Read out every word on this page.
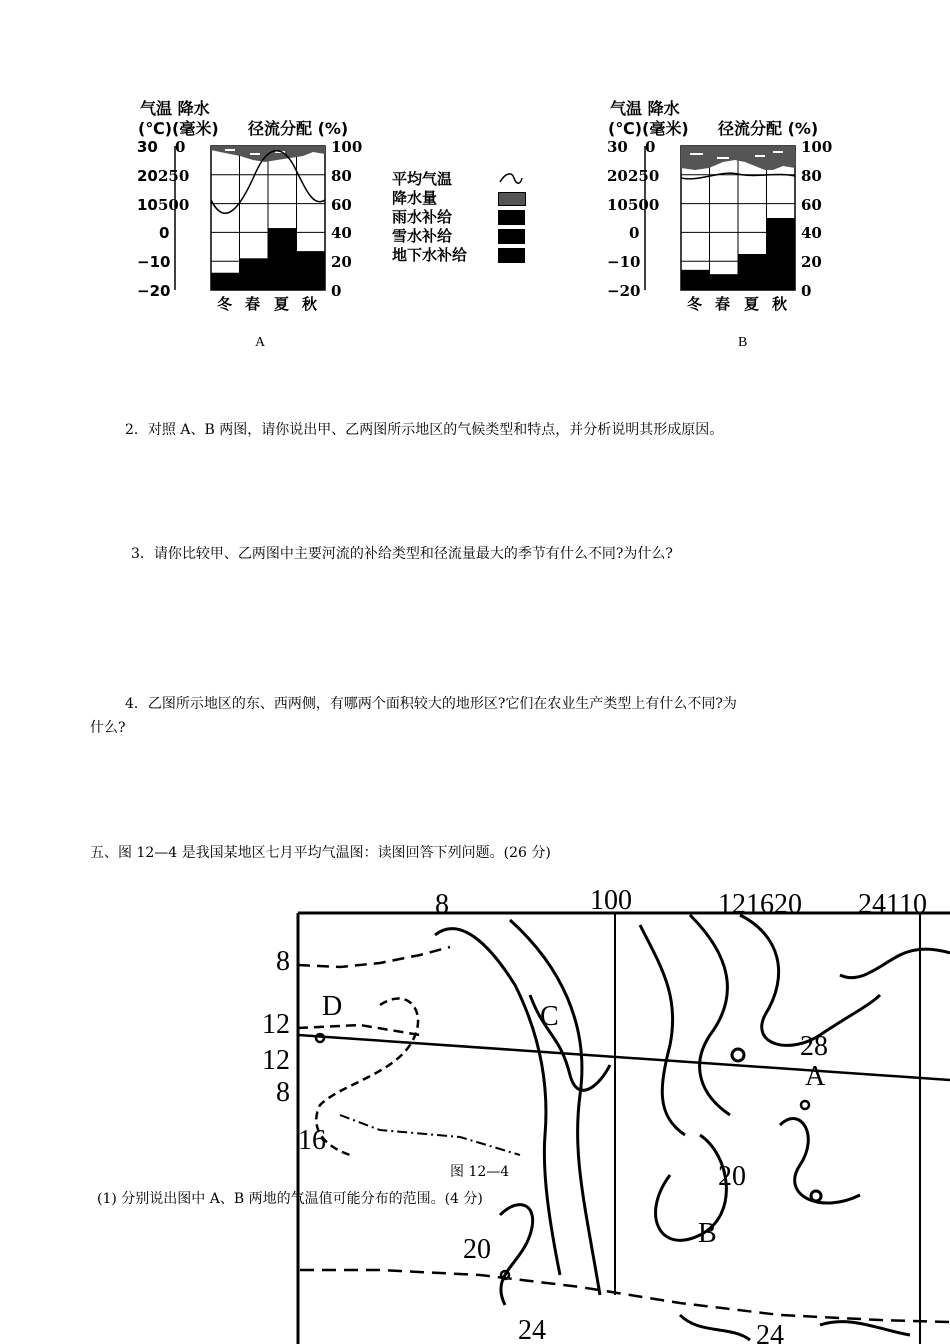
气温 降水
(℃)(毫米) 径流分配 (%)
30
20
10
0
−10
−20
0
250
500
100
80
60
40
20
0
冬 春 夏 秋
A
平均气温
降水量
雨水补给
雪水补给
地下水补给
气温 降水
(℃)(毫米) 径流分配 (%)
30
20
10
0
−10
−20
0
250
500
100
80
60
40
20
0
冬 春 夏 秋
B
2．对照 A、B 两图，请你说出甲、乙两图所示地区的气候类型和特点，并分析说明其形成原因。
3．请你比较甲、乙两图中主要河流的补给类型和径流量最大的季节有什么不同?为什么?
4．乙图所示地区的东、西两侧，有哪两个面积较大的地形区?它们在农业生产类型上有什么不同?为
什么?
五、图 12—4 是我国某地区七月平均气温图：读图回答下列问题。(26 分)
8	100	121620 24110
8
12
12
8
16
D	C
A
B
28
20
20
24	24
图 12—4
(1) 分别说出图中 A、B 两地的气温值可能分布的范围。(4 分)
